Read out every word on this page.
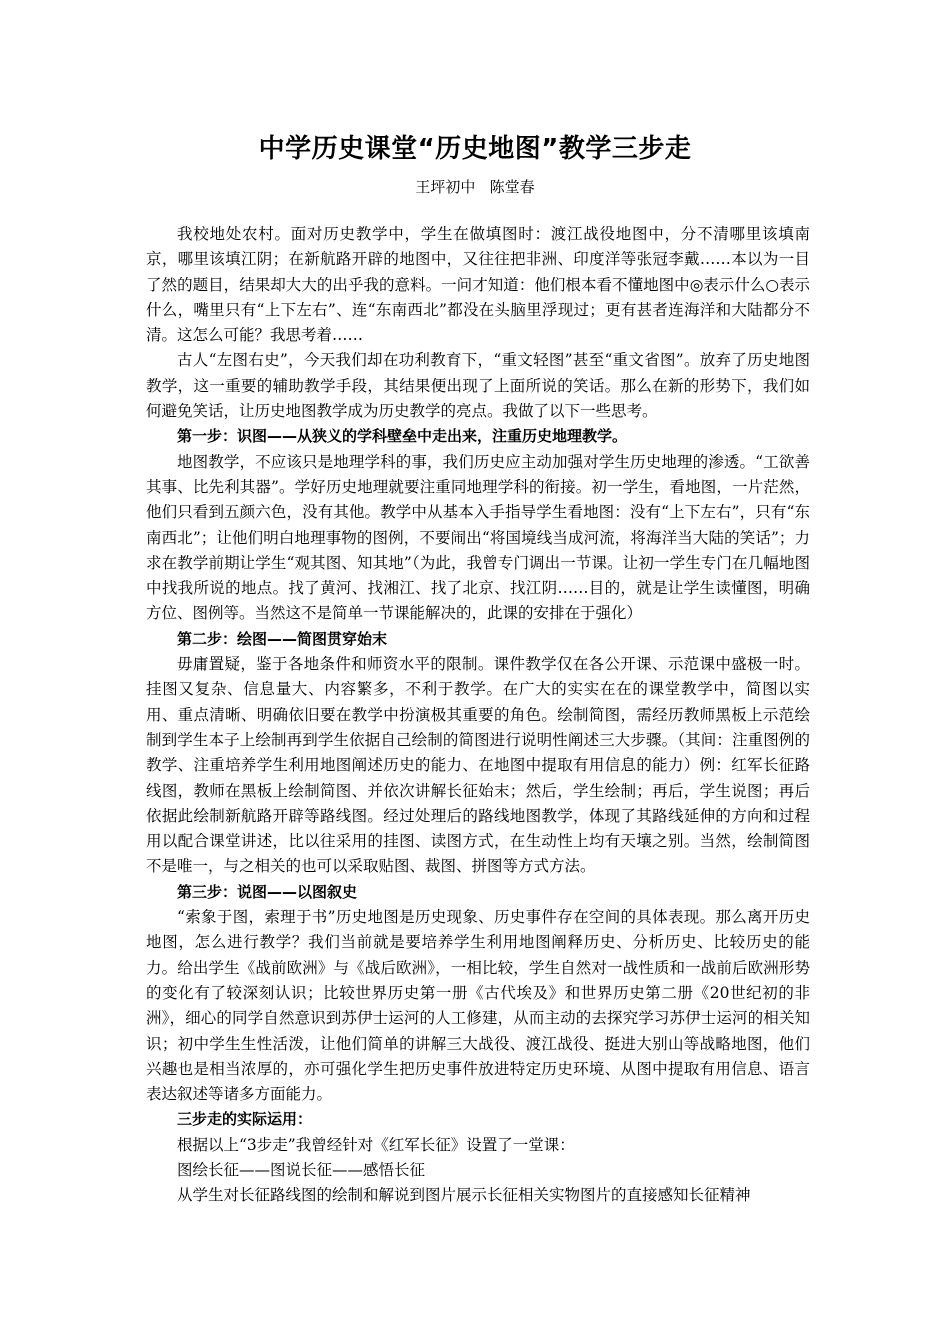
中学历史课堂“历史地图”教学三步走
王坪初中   陈堂春

我校地处农村。面对历史教学中，学生在做填图时：渡江战役地图中，分不清哪里该填南京，哪里该填江阴；在新航路开辟的地图中，又往往把非洲、印度洋等张冠李戴……本以为一目了然的题目，结果却大大的出乎我的意料。一问才知道：他们根本看不懂地图中◎表示什么○表示什么，嘴里只有“上下左右”、连“东南西北”都没在头脑里浮现过；更有甚者连海洋和大陆都分不清。这怎么可能？我思考着……

古人“左图右史”，今天我们却在功利教育下，“重文轻图”甚至“重文省图”。放弃了历史地图教学，这一重要的辅助教学手段，其结果便出现了上面所说的笑话。那么在新的形势下，我们如何避免笑话，让历史地图教学成为历史教学的亮点。我做了以下一些思考。

第一步：识图——从狭义的学科壁垒中走出来，注重历史地理教学。

地图教学，不应该只是地理学科的事，我们历史应主动加强对学生历史地理的渗透。“工欲善其事、比先利其器”。学好历史地理就要注重同地理学科的衔接。初一学生，看地图，一片茫然，他们只看到五颜六色，没有其他。教学中从基本入手指导学生看地图：没有“上下左右”，只有“东南西北”；让他们明白地理事物的图例，不要闹出“将国境线当成河流，将海洋当大陆的笑话”；力求在教学前期让学生“观其图、知其地”（为此，我曾专门调出一节课。让初一学生专门在几幅地图中找我所说的地点。找了黄河、找湘江、找了北京、找江阴……目的，就是让学生读懂图，明确方位、图例等。当然这不是简单一节课能解决的，此课的安排在于强化）

第二步：绘图——简图贯穿始末

毋庸置疑，鉴于各地条件和师资水平的限制。课件教学仅在各公开课、示范课中盛极一时。挂图又复杂、信息量大、内容繁多，不利于教学。在广大的实实在在的课堂教学中，简图以实用、重点清晰、明确依旧要在教学中扮演极其重要的角色。绘制简图，需经历教师黑板上示范绘制到学生本子上绘制再到学生依据自己绘制的简图进行说明性阐述三大步骤。（其间：注重图例的教学、注重培养学生利用地图阐述历史的能力、在地图中提取有用信息的能力）例：红军长征路线图，教师在黑板上绘制简图、并依次讲解长征始末；然后，学生绘制；再后，学生说图；再后依据此绘制新航路开辟等路线图。经过处理后的路线地图教学，体现了其路线延伸的方向和过程用以配合课堂讲述，比以往采用的挂图、读图方式，在生动性上均有天壤之别。当然，绘制简图不是唯一，与之相关的也可以采取贴图、裁图、拼图等方式方法。

第三步：说图——以图叙史

“索象于图，索理于书”历史地图是历史现象、历史事件存在空间的具体表现。那么离开历史地图，怎么进行教学？我们当前就是要培养学生利用地图阐释历史、分析历史、比较历史的能力。给出学生《战前欧洲》与《战后欧洲》，一相比较，学生自然对一战性质和一战前后欧洲形势的变化有了较深刻认识；比较世界历史第一册《古代埃及》和世界历史第二册《20世纪初的非洲》，细心的同学自然意识到苏伊士运河的人工修建，从而主动的去探究学习苏伊士运河的相关知识；初中学生生性活泼，让他们简单的讲解三大战役、渡江战役、挺进大别山等战略地图，他们兴趣也是相当浓厚的，亦可强化学生把历史事件放进特定历史环境、从图中提取有用信息、语言表达叙述等诸多方面能力。

三步走的实际运用：

根据以上“3步走”我曾经针对《红军长征》设置了一堂课：

图绘长征——图说长征——感悟长征

从学生对长征路线图的绘制和解说到图片展示长征相关实物图片的直接感知长征精神
